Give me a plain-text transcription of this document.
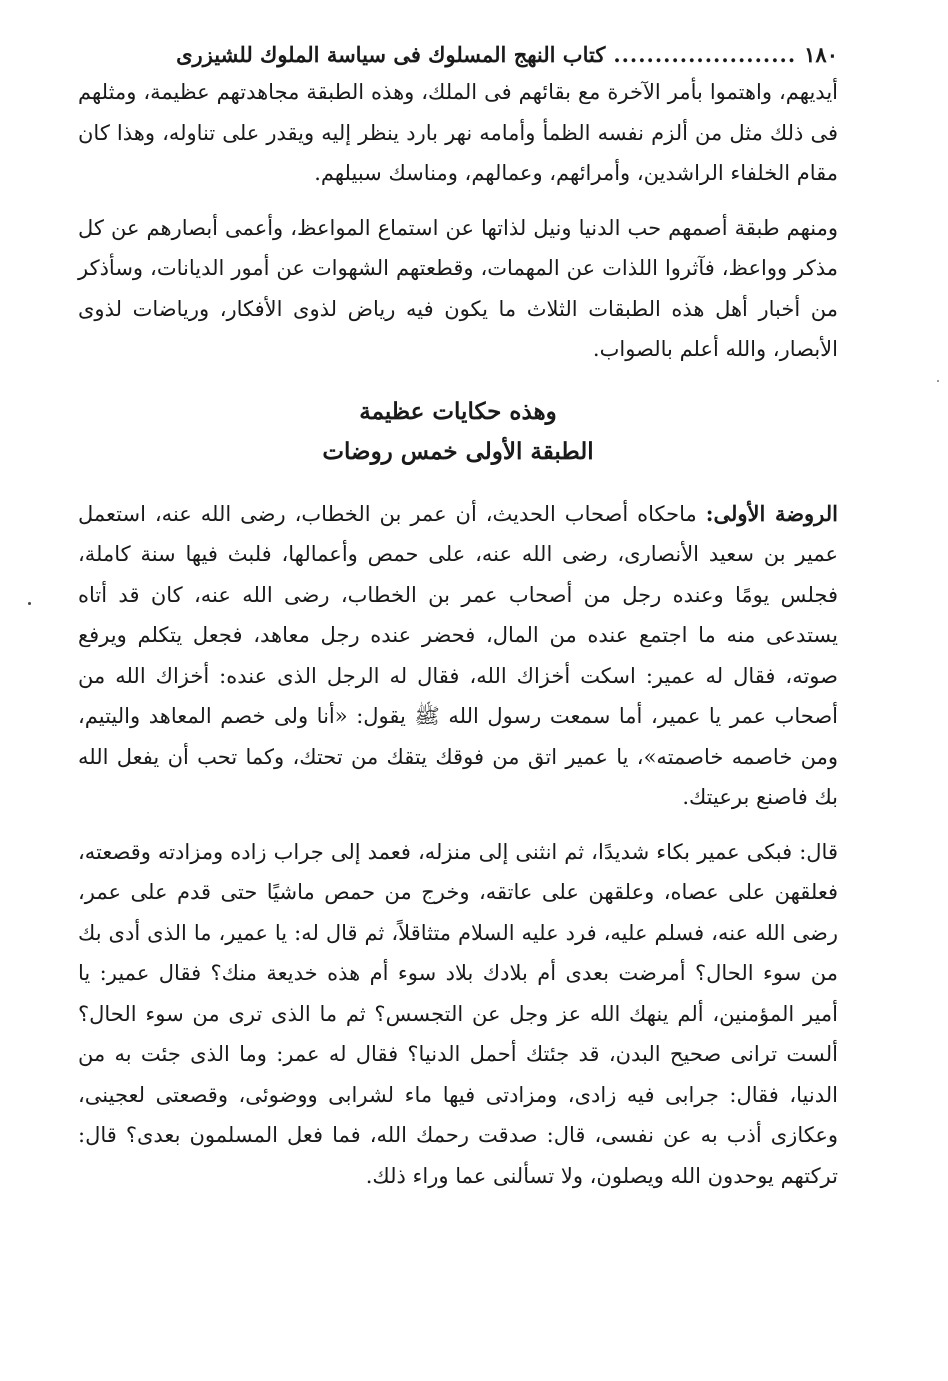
١٨٠
......................
كتاب النهج المسلوك فى سياسة الملوك للشيزرى

أيديهم، واهتموا بأمر الآخرة مع بقائهم فى الملك، وهذه الطبقة مجاهدتهم عظيمة، ومثلهم فى ذلك مثل من ألزم نفسه الظمأ وأمامه نهر بارد ينظر إليه ويقدر على تناوله، وهذا كان مقام الخلفاء الراشدين، وأمرائهم، وعمالهم، ومناسك سبيلهم.

ومنهم طبقة أصمهم حب الدنيا ونيل لذاتها عن استماع المواعظ، وأعمى أبصارهم عن كل مذكر وواعظ، فآثروا اللذات عن المهمات، وقطعتهم الشهوات عن أمور الديانات، وسأذكر من أخبار أهل هذه الطبقات الثلاث ما يكون فيه رياض لذوى الأفكار، ورياضات لذوى الأبصار، والله أعلم بالصواب.

وهذه حكايات عظيمة
الطبقة الأولى خمس روضات

الروضة الأولى: ماحكاه أصحاب الحديث، أن عمر بن الخطاب، رضى الله عنه، استعمل عمير بن سعيد الأنصارى، رضى الله عنه، على حمص وأعمالها، فلبث فيها سنة كاملة، فجلس يومًا وعنده رجل من أصحاب عمر بن الخطاب، رضى الله عنه، كان قد أتاه يستدعى منه ما اجتمع عنده من المال، فحضر عنده رجل معاهد، فجعل يتكلم ويرفع صوته، فقال له عمير: اسكت أخزاك الله، فقال له الرجل الذى عنده: أخزاك الله من أصحاب عمر يا عمير، أما سمعت رسول الله ﷺ يقول: «أنا ولى خصم المعاهد واليتيم، ومن خاصمه خاصمته»، يا عمير اتق من فوقك يتقك من تحتك، وكما تحب أن يفعل الله بك فاصنع برعيتك.

قال: فبكى عمير بكاء شديدًا، ثم انثنى إلى منزله، فعمد إلى جراب زاده ومزادته وقصعته، فعلقهن على عصاه، وعلقهن على عاتقه، وخرج من حمص ماشيًا حتى قدم على عمر، رضى الله عنه، فسلم عليه، فرد عليه السلام متثاقلاً، ثم قال له: يا عمير، ما الذى أدى بك من سوء الحال؟ أمرضت بعدى أم بلادك بلاد سوء أم هذه خديعة منك؟ فقال عمير: يا أمير المؤمنين، ألم ينهك الله عز وجل عن التجسس؟ ثم ما الذى ترى من سوء الحال؟ ألست ترانى صحيح البدن، قد جئتك أحمل الدنيا؟ فقال له عمر: وما الذى جئت به من الدنيا، فقال: جرابى فيه زادى، ومزادتى فيها ماء لشرابى ووضوئى، وقصعتى لعجينى، وعكازى أذب به عن نفسى، قال: صدقت رحمك الله، فما فعل المسلمون بعدى؟ قال: تركتهم يوحدون الله ويصلون، ولا تسألنى عما وراء ذلك.
